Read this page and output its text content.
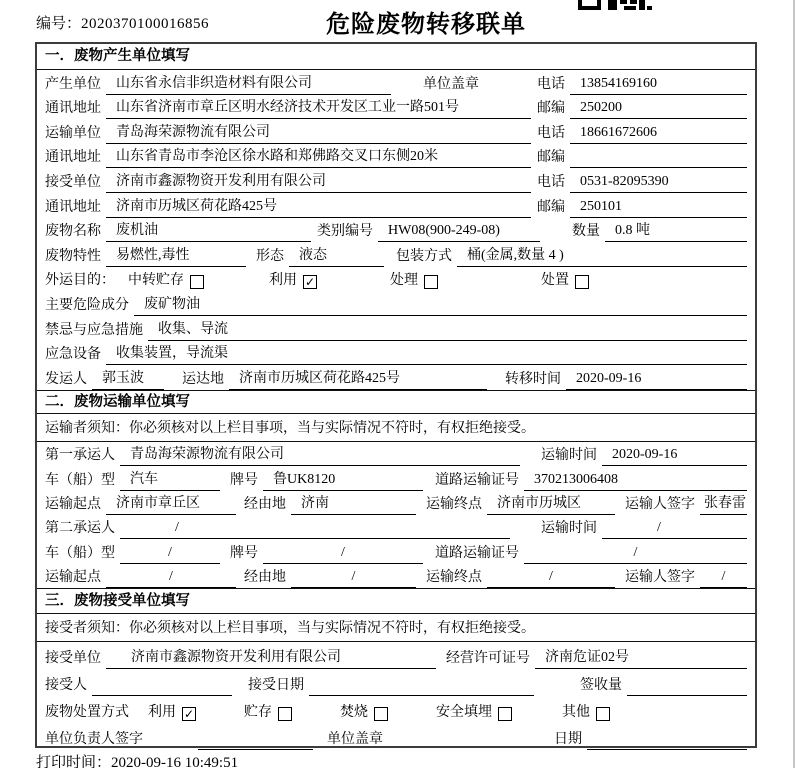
编号：2020370100016856	危险废物转移联单
一．废物产生单位填写
产生单位	山东省永信非织造材料有限公司	单位盖章	电话	13854169160
通讯地址	山东省济南市章丘区明水经济技术开发区工业一路501号	邮编	250200
运输单位	青岛海荣源物流有限公司	电话	18661672606
通讯地址	山东省青岛市李沧区徐水路和郑佛路交叉口东侧20米	邮编
接受单位	济南市鑫源物资开发利用有限公司	电话	0531-82095390
通讯地址	济南市历城区荷花路425号	邮编	250101
废物名称	废机油	类别编号	HW08(900-249-08)	数量	0.8 吨
废物特性	易燃性,毒性	形态	液态	包装方式	桶(金属,数量 4 )
外运目的： 中转贮存	利用 ✓	处理	处置
主要危险成分	废矿物油
禁忌与应急措施	收集、导流
应急设备	收集装置，导流渠
发运人	郭玉波	运达地	济南市历城区荷花路425号	转移时间	2020-09-16
二．废物运输单位填写
运输者须知：你必须核对以上栏目事项，当与实际情况不符时，有权拒绝接受。
第一承运人	青岛海荣源物流有限公司	运输时间	2020-09-16
车（船）型	汽车	牌号	鲁UK8120	道路运输证号	370213006408
运输起点	济南市章丘区	经由地	济南	运输终点	济南市历城区	运输人签字 张春雷
第二承运人	/	运输时间	/
车（船）型	/	牌号	/	道路运输证号	/
运输起点	/	经由地	/	运输终点	/	运输人签字	/
三．废物接受单位填写
接受者须知：你必须核对以上栏目事项，当与实际情况不符时，有权拒绝接受。
接受单位	济南市鑫源物资开发利用有限公司	经营许可证号	济南危证02号
接受人	接受日期	签收量
废物处置方式	利用 ✓	贮存	焚烧	安全填埋	其他
单位负责人签字	单位盖章	日期
打印时间：2020-09-16 10:49:51
